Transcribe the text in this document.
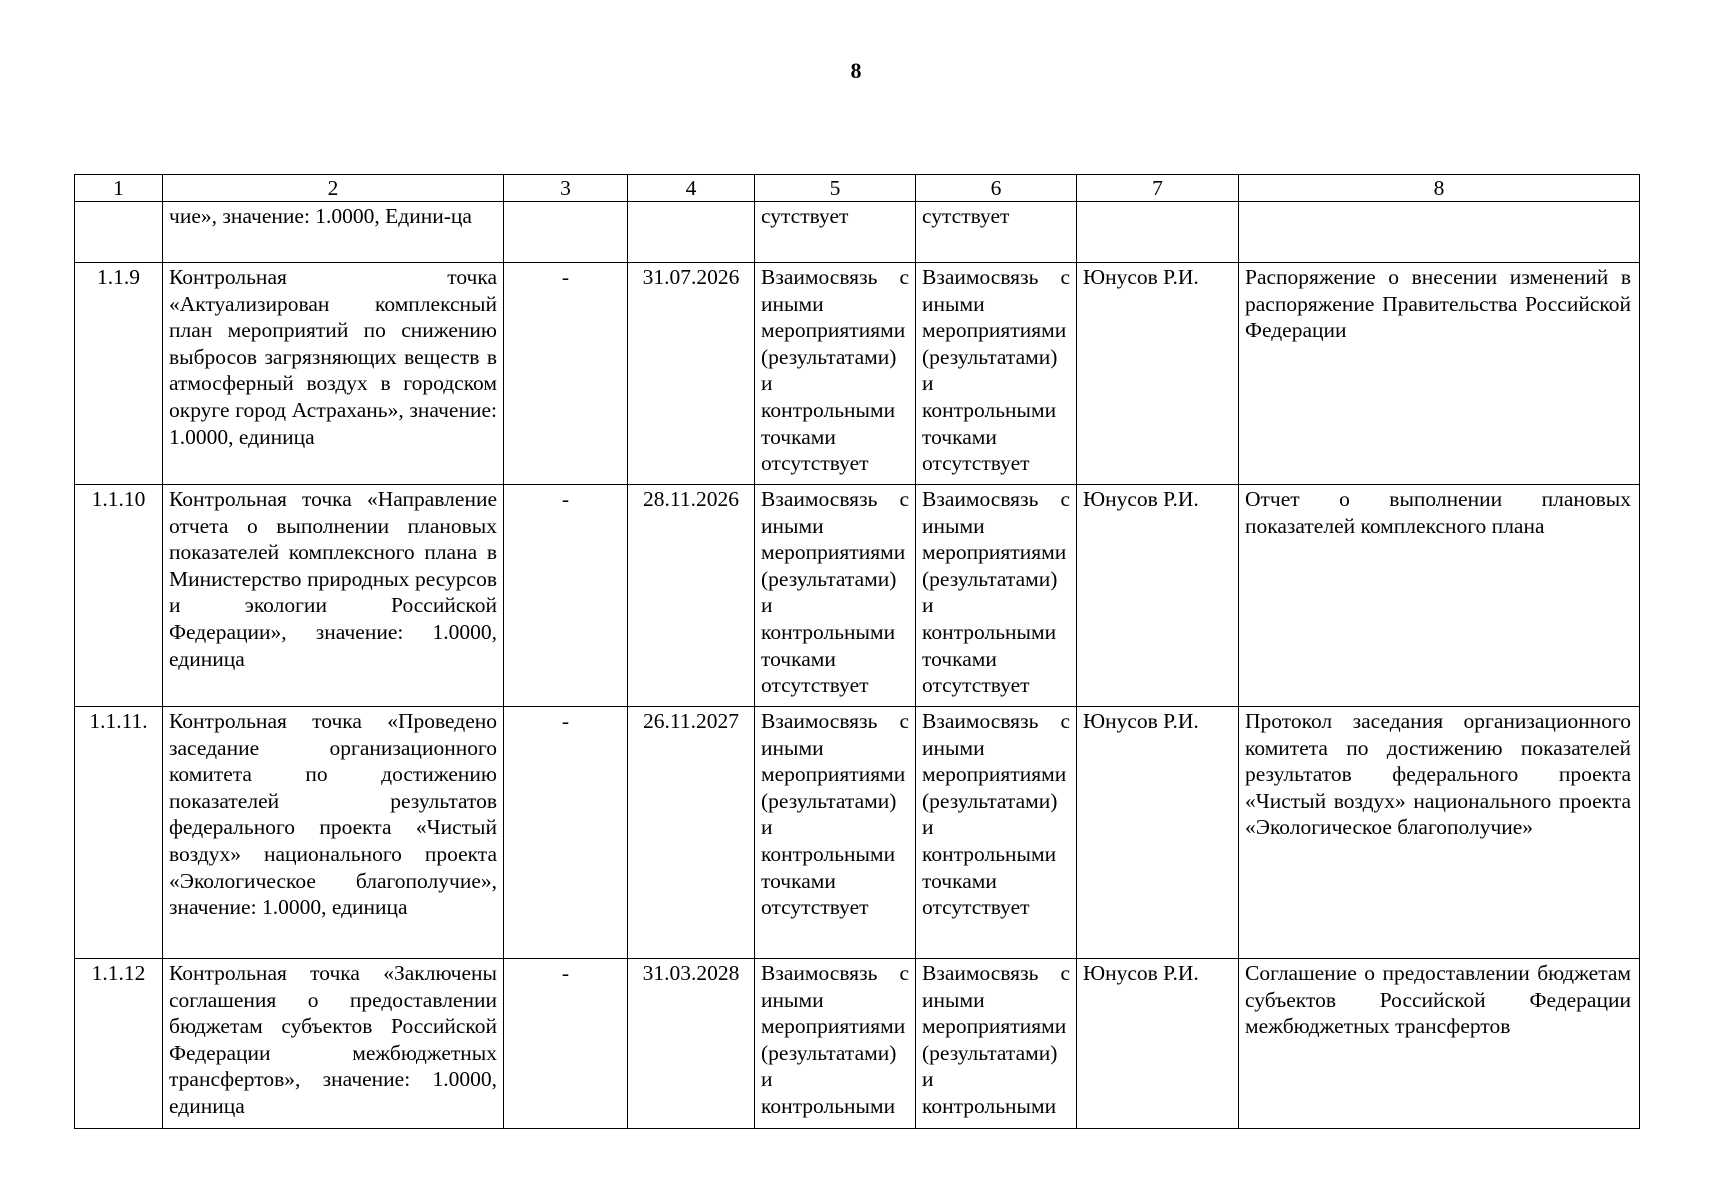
8
1	2	3	4	5	6	7	8
	чие», значение: 1.0000, Едини-ца			сутствует	сутствует		
1.1.9	Контрольная точка «Актуализирован комплексный план мероприятий по снижению выбросов загрязняющих веществ в атмосферный воздух в городском округе город Астрахань», значение: 1.0000, единица	-	31.07.2026	Взаимосвязь с иными мероприятиями (результатами) и контрольными точками отсутствует	Взаимосвязь с иными мероприятиями (результатами) и контрольными точками отсутствует	Юнусов Р.И.	Распоряжение о внесении изменений в распоряжение Правительства Российской Федерации
1.1.10	Контрольная точка «Направление отчета о выполнении плановых показателей комплексного плана в Министерство природных ресурсов и экологии Российской Федерации», значение: 1.0000, единица	-	28.11.2026	Взаимосвязь с иными мероприятиями (результатами) и контрольными точками отсутствует	Взаимосвязь с иными мероприятиями (результатами) и контрольными точками отсутствует	Юнусов Р.И.	Отчет о выполнении плановых показателей комплексного плана
1.1.11.	Контрольная точка «Проведено заседание организационного комитета по достижению показателей результатов федерального проекта «Чистый воздух» национального проекта «Экологическое благополучие», значение: 1.0000, единица	-	26.11.2027	Взаимосвязь с иными мероприятиями (результатами) и контрольными точками отсутствует	Взаимосвязь с иными мероприятиями (результатами) и контрольными точками отсутствует	Юнусов Р.И.	Протокол заседания организационного комитета по достижению показателей результатов федерального проекта «Чистый воздух» национального проекта «Экологическое благополучие»
1.1.12	Контрольная точка «Заключены соглашения о предоставлении бюджетам субъектов Российской Федерации межбюджетных трансфертов», значение: 1.0000, единица	-	31.03.2028	Взаимосвязь с иными мероприятиями (результатами) и контрольными	Взаимосвязь с иными мероприятиями (результатами) и контрольными	Юнусов Р.И.	Соглашение о предоставлении бюджетам субъектов Российской Федерации межбюджетных трансфертов
